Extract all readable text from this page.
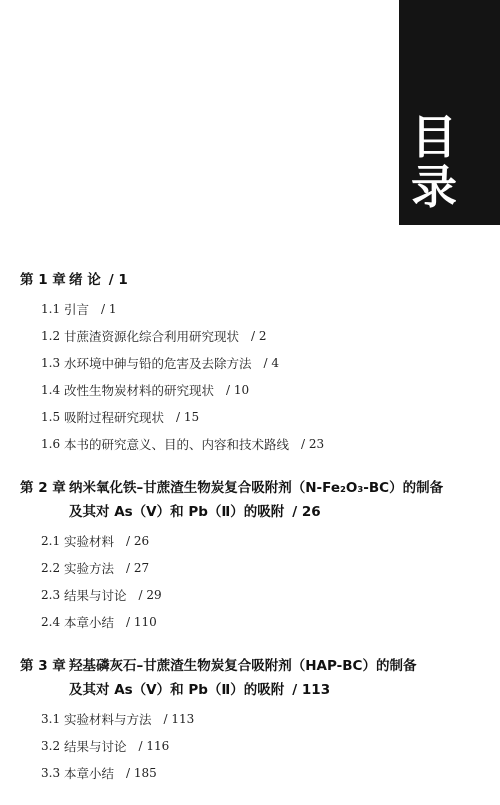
目
录
第 1 章 绪 论 / 1
1.1 引言 / 1
1.2 甘蔗渣资源化综合利用研究现状 / 2
1.3 水环境中砷与铅的危害及去除方法 / 4
1.4 改性生物炭材料的研究现状 / 10
1.5 吸附过程研究现状 / 15
1.6 本书的研究意义、目的、内容和技术路线 / 23
第 2 章 纳米氧化铁–甘蔗渣生物炭复合吸附剂（N-Fe₂O₃-BC）的制备
及其对 As（Ⅴ）和 Pb（Ⅱ）的吸附 / 26
2.1 实验材料 / 26
2.2 实验方法 / 27
2.3 结果与讨论 / 29
2.4 本章小结 / 110
第 3 章 羟基磷灰石–甘蔗渣生物炭复合吸附剂（HAP-BC）的制备
及其对 As（Ⅴ）和 Pb（Ⅱ）的吸附 / 113
3.1 实验材料与方法 / 113
3.2 结果与讨论 / 116
3.3 本章小结 / 185
